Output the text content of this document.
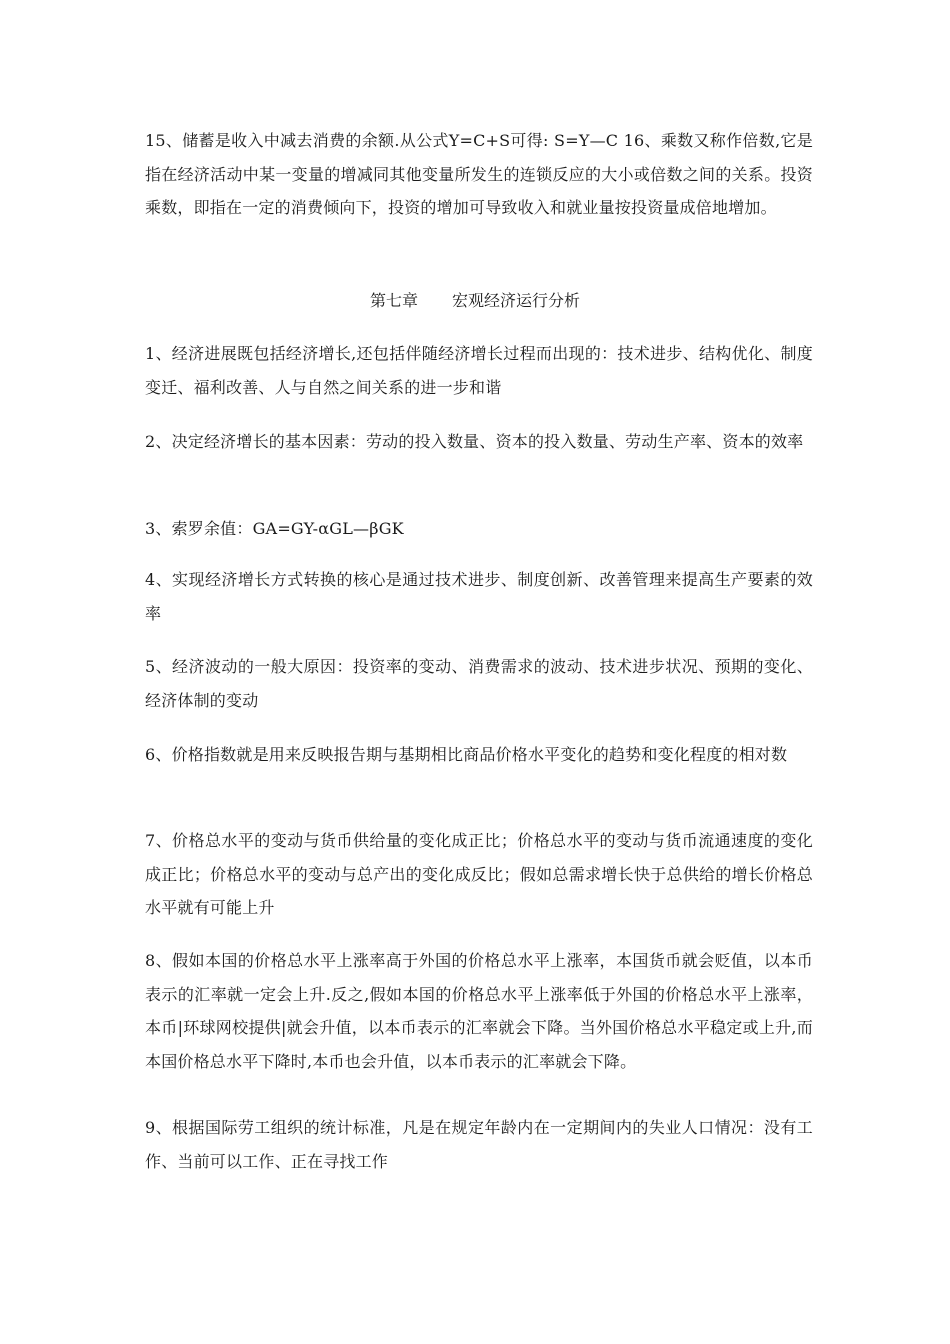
15、储蓄是收入中减去消费的余额.从公式Y=C+S可得: S=Y—C 16、乘数又称作倍数,它是指在经济活动中某一变量的增减同其他变量所发生的连锁反应的大小或倍数之间的关系。投资乘数，即指在一定的消费倾向下，投资的增加可导致收入和就业量按投资量成倍地增加。

第七章 宏观经济运行分析

1、经济进展既包括经济增长,还包括伴随经济增长过程而出现的：技术进步、结构优化、制度变迁、福利改善、人与自然之间关系的进一步和谐

2、决定经济增长的基本因素：劳动的投入数量、资本的投入数量、劳动生产率、资本的效率

3、索罗余值：GA=GY-αGL—βGK

4、实现经济增长方式转换的核心是通过技术进步、制度创新、改善管理来提高生产要素的效率

5、经济波动的一般大原因：投资率的变动、消费需求的波动、技术进步状况、预期的变化、经济体制的变动

6、价格指数就是用来反映报告期与基期相比商品价格水平变化的趋势和变化程度的相对数

7、价格总水平的变动与货币供给量的变化成正比；价格总水平的变动与货币流通速度的变化成正比；价格总水平的变动与总产出的变化成反比；假如总需求增长快于总供给的增长价格总水平就有可能上升

8、假如本国的价格总水平上涨率高于外国的价格总水平上涨率，本国货币就会贬值，以本币表示的汇率就一定会上升.反之,假如本国的价格总水平上涨率低于外国的价格总水平上涨率，本币|环球网校提供|就会升值，以本币表示的汇率就会下降。当外国价格总水平稳定或上升,而本国价格总水平下降时,本币也会升值，以本币表示的汇率就会下降。

9、根据国际劳工组织的统计标准，凡是在规定年龄内在一定期间内的失业人口情况：没有工作、当前可以工作、正在寻找工作
